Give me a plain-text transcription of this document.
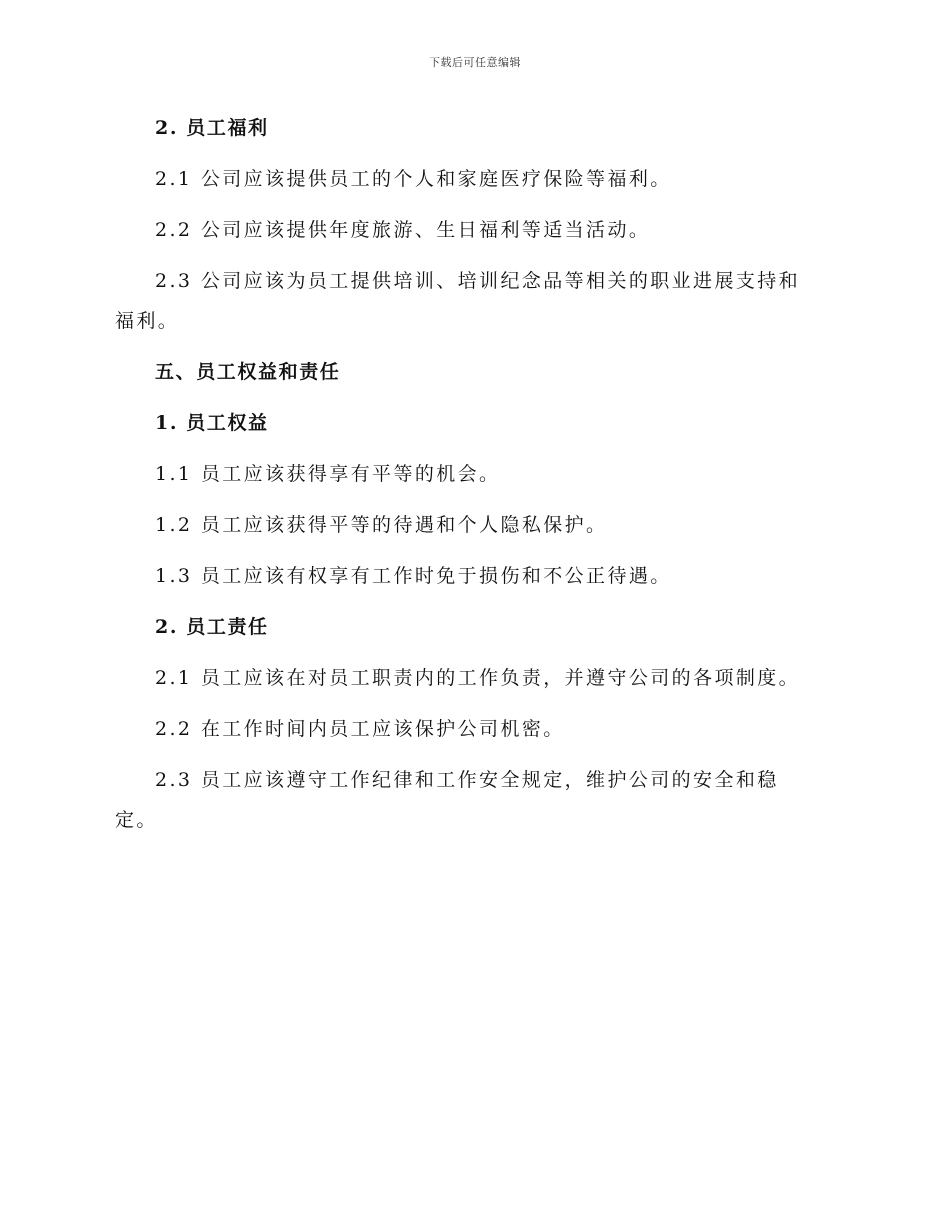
下载后可任意编辑

2. 员工福利

2.1 公司应该提供员工的个人和家庭医疗保险等福利。

2.2 公司应该提供年度旅游、生日福利等适当活动。

2.3 公司应该为员工提供培训、培训纪念品等相关的职业进展支持和福利。

五、员工权益和责任

1. 员工权益

1.1 员工应该获得享有平等的机会。

1.2 员工应该获得平等的待遇和个人隐私保护。

1.3 员工应该有权享有工作时免于损伤和不公正待遇。

2. 员工责任

2.1 员工应该在对员工职责内的工作负责，并遵守公司的各项制度。

2.2 在工作时间内员工应该保护公司机密。

2.3 员工应该遵守工作纪律和工作安全规定，维护公司的安全和稳定。
